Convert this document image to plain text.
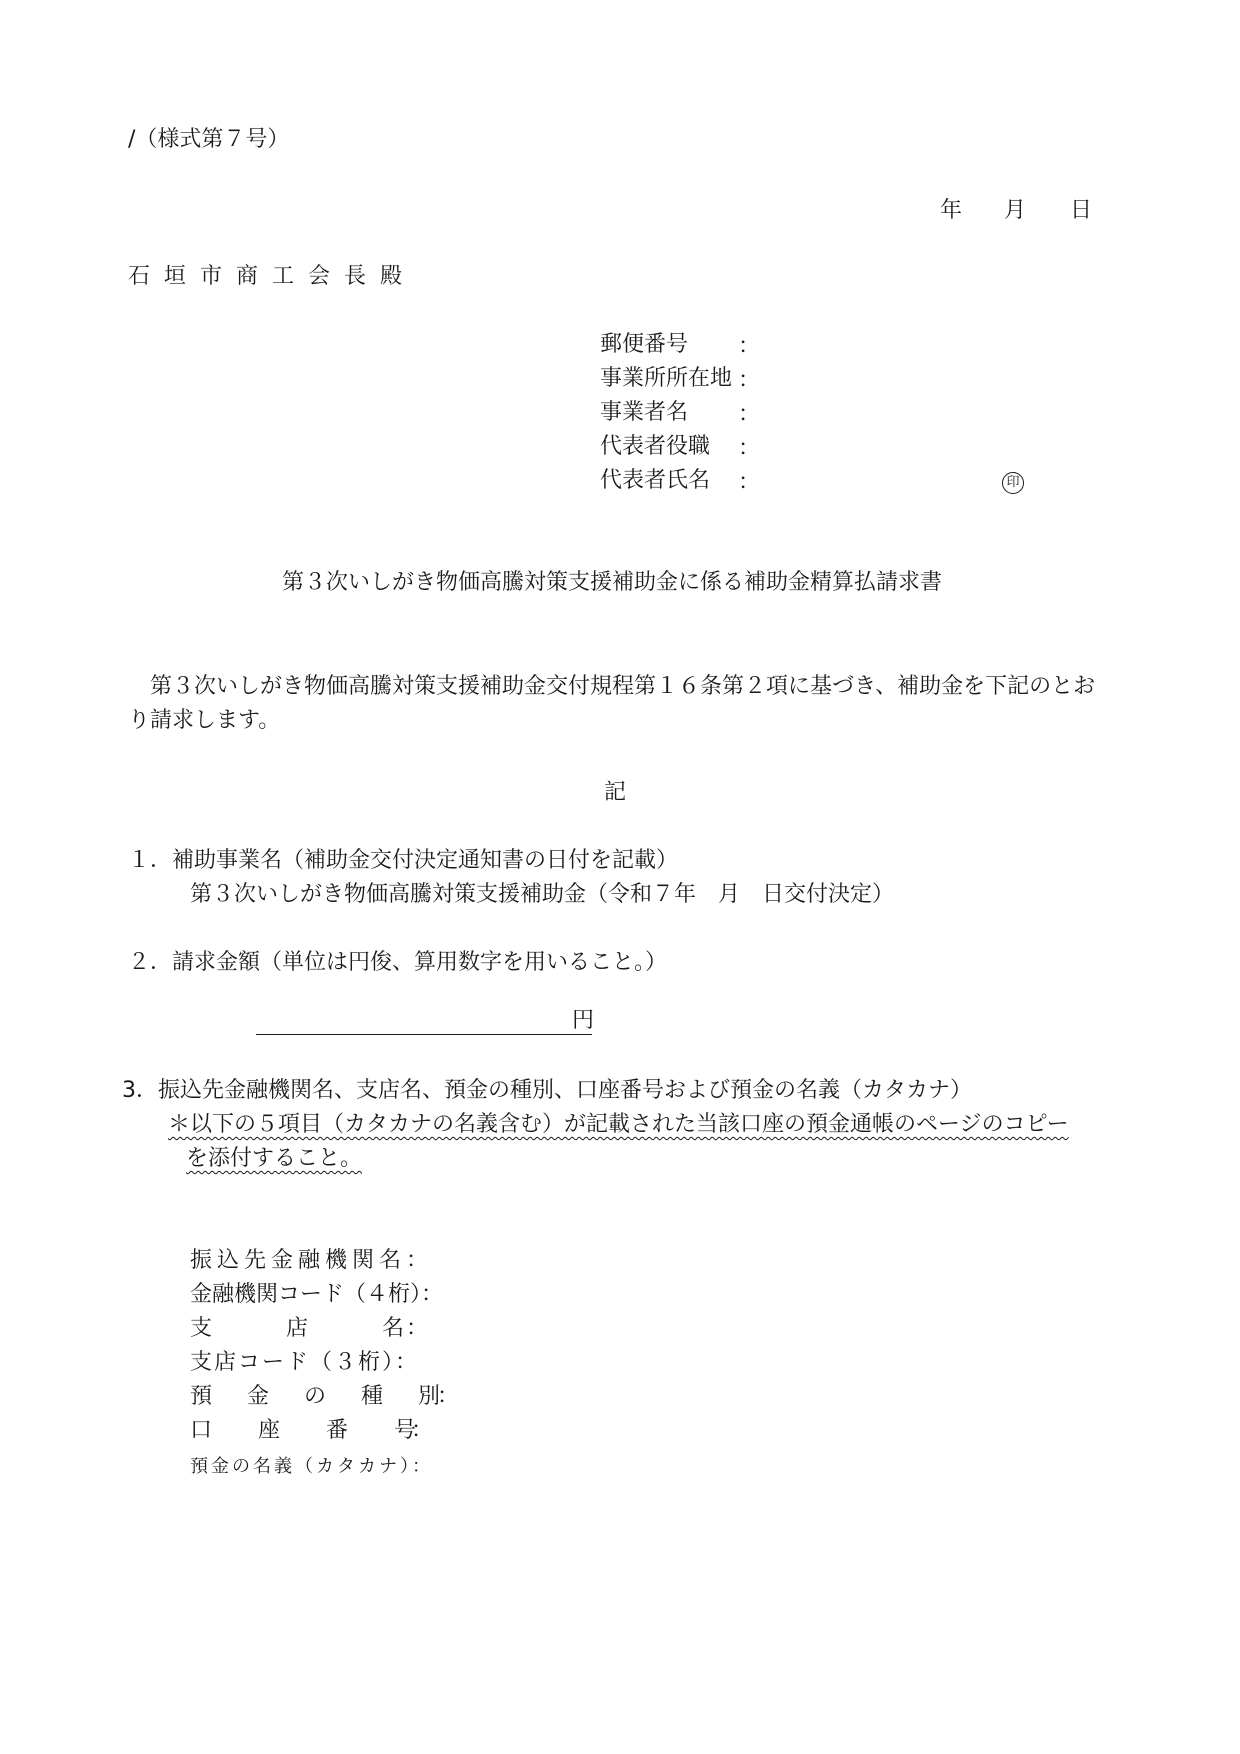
/（様式第７号）
年 月 日
石垣市商工会長殿
郵便番号 ：
事業所所在地 ：
事業者名 ：
代表者役職 ：
代表者氏名 ：	印
第３次いしがき物価高騰対策支援補助金に係る補助金精算払請求書
第３次いしがき物価高騰対策支援補助金交付規程第１６条第２項に基づき、補助金を下記のとお
り請求します。
記
１．補助事業名（補助金交付決定通知書の日付を記載）
第３次いしがき物価高騰対策支援補助金（令和７年　月　日交付決定）
２．請求金額（単位は円俊、算用数字を用いること。）
円
3．振込先金融機関名、支店名、預金の種別、口座番号および預金の名義（カタカナ）
＊以下の５項目（カタカナの名義含む）が記載された当該口座の預金通帳のページのコピー
を添付すること。
振込先金融機関名：
金融機関コード（４桁）：
支　　　店　　　名：
支店コード（３桁）：
預　　金　　の　　種　　別：
口　　　座　　　番　　　号：
預金の名義（カタカナ）：
